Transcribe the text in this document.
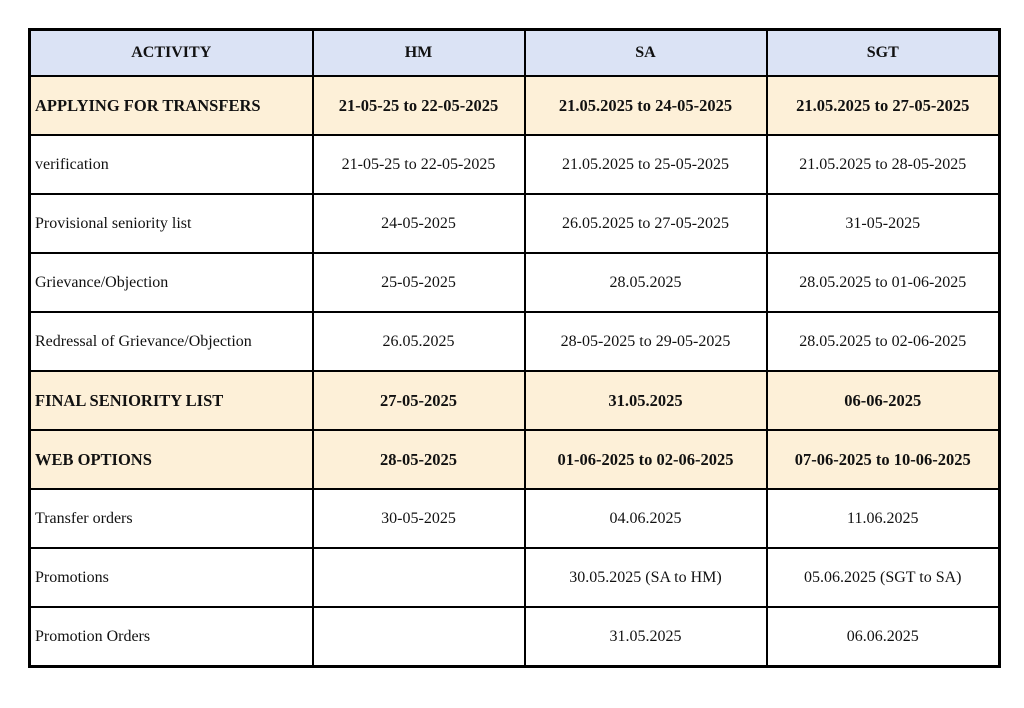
ACTIVITY	HM	SA	SGT
APPLYING FOR TRANSFERS	21-05-25 to 22-05-2025	21.05.2025 to 24-05-2025	21.05.2025 to 27-05-2025
verification	21-05-25 to 22-05-2025	21.05.2025 to 25-05-2025	21.05.2025 to 28-05-2025
Provisional seniority list	24-05-2025	26.05.2025 to 27-05-2025	31-05-2025
Grievance/Objection	25-05-2025	28.05.2025	28.05.2025 to 01-06-2025
Redressal of Grievance/Objection	26.05.2025	28-05-2025 to 29-05-2025	28.05.2025 to 02-06-2025
FINAL SENIORITY LIST	27-05-2025	31.05.2025	06-06-2025
WEB OPTIONS	28-05-2025	01-06-2025 to 02-06-2025	07-06-2025 to 10-06-2025
Transfer orders	30-05-2025	04.06.2025	11.06.2025
Promotions		30.05.2025 (SA to HM)	05.06.2025 (SGT to SA)
Promotion Orders		31.05.2025	06.06.2025
